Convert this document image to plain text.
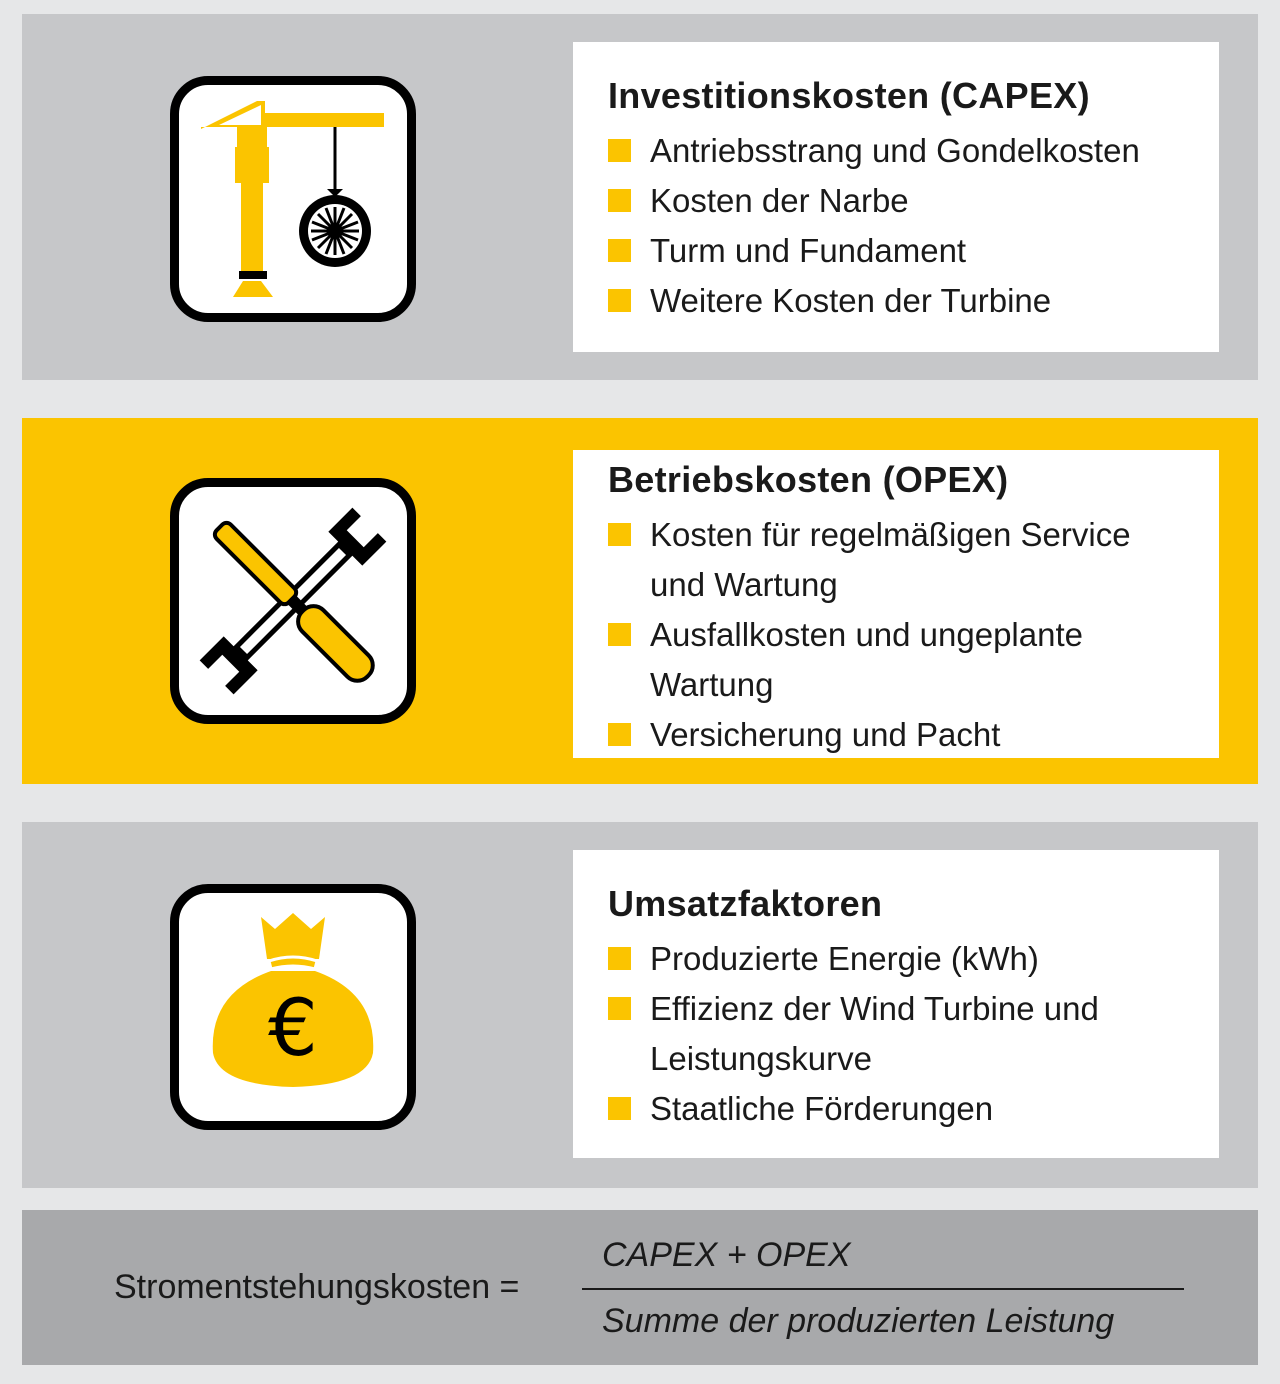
Investitionskosten (CAPEX)
Antriebsstrang und Gondelkosten
Kosten der Narbe
Turm und Fundament
Weitere Kosten der Turbine
Betriebskosten (OPEX)
Kosten für regelmäßigen Service und Wartung
Ausfallkosten und ungeplante Wartung
Versicherung und Pacht
€
Umsatzfaktoren
Produzierte Energie (kWh)
Effizienz der Wind Turbine und Leistungskurve
Staatliche Förderungen
Stromentstehungskosten =
CAPEX + OPEX
Summe der produzierten Leistung
